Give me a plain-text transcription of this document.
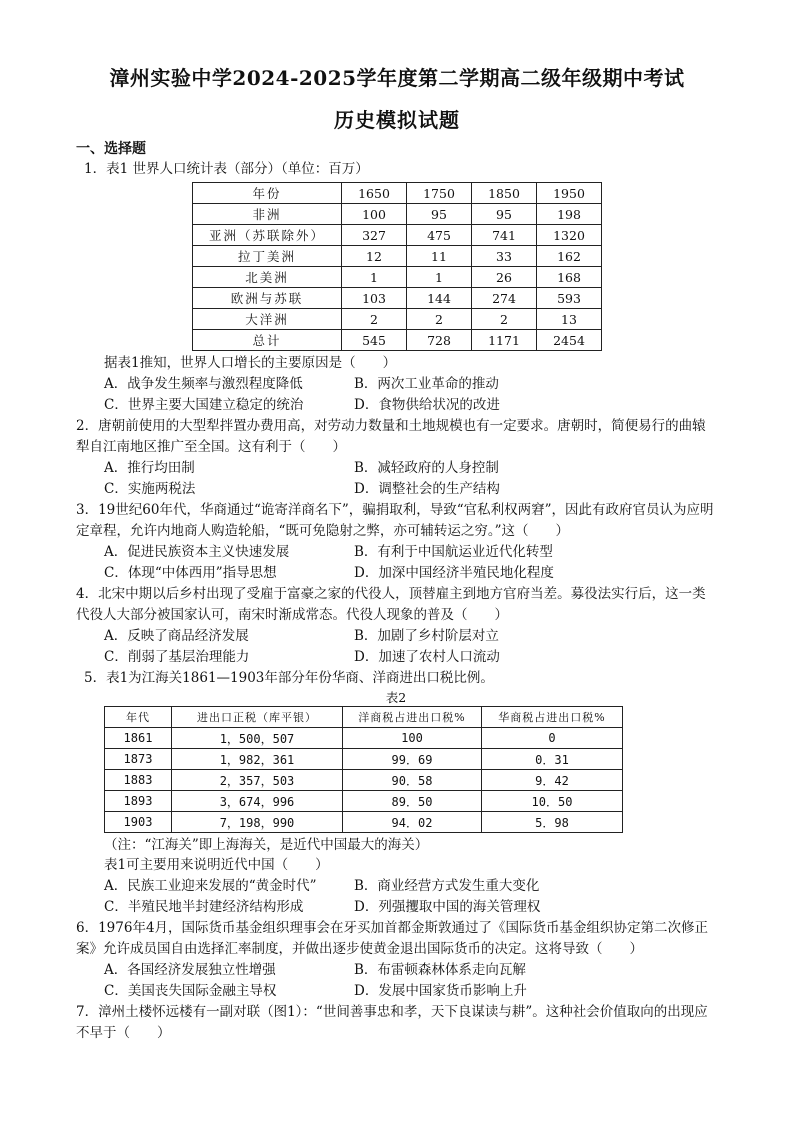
漳州实验中学2024-2025学年度第二学期高二级年级期中考试
历史模拟试题
一、选择题
1．表1 世界人口统计表（部分）（单位：百万）
年份	1650	1750	1850	1950
非洲	100	95	95	198
亚洲（苏联除外）	327	475	741	1320
拉丁美洲	12	11	33	162
北美洲	1	1	26	168
欧洲与苏联	103	144	274	593
大洋洲	2	2	2	13
总计	545	728	1171	2454
据表1推知，世界人口增长的主要原因是（　　）
A．战争发生频率与激烈程度降低	B．两次工业革命的推动
C．世界主要大国建立稳定的统治	D．食物供给状况的改进
2．唐朝前使用的大型犁拌置办费用高，对劳动力数量和土地规模也有一定要求。唐朝时，简便易行的曲辕犁自江南地区推广至全国。这有利于（　　）
A．推行均田制	B．减轻政府的人身控制
C．实施两税法	D．调整社会的生产结构
3．19世纪60年代，华商通过“诡寄洋商名下”，骗捐取利，导致“官私利权两窘”，因此有政府官员认为应明定章程，允许内地商人购造轮船，“既可免隐射之弊，亦可辅转运之穷。”这（　　）
A．促进民族资本主义快速发展	B．有利于中国航运业近代化转型
C．体现“中体西用”指导思想	D．加深中国经济半殖民地化程度
4．北宋中期以后乡村出现了受雇于富豪之家的代役人，顶替雇主到地方官府当差。募役法实行后，这一类代役人大部分被国家认可，南宋时渐成常态。代役人现象的普及（　　）
A．反映了商品经济发展	B．加剧了乡村阶层对立
C．削弱了基层治理能力	D．加速了农村人口流动
5．表1为江海关1861—1903年部分年份华商、洋商进出口税比例。
表2
年代	进出口正税（库平银）	洋商税占进出口税%	华商税占进出口税%
1861	1，500，507	100	0
1873	1，982，361	99．69	0．31
1883	2，357，503	90．58	9．42
1893	3，674，996	89．50	10．50
1903	7，198，990	94．02	5．98
（注：“江海关”即上海海关，是近代中国最大的海关）
表1可主要用来说明近代中国（　　）
A．民族工业迎来发展的“黄金时代”	B．商业经营方式发生重大变化
C．半殖民地半封建经济结构形成	D．列强攫取中国的海关管理权
6．1976年4月，国际货币基金组织理事会在牙买加首都金斯敦通过了《国际货币基金组织协定第二次修正案》允许成员国自由选择汇率制度，并做出逐步使黄金退出国际货币的决定。这将导致（　　）
A．各国经济发展独立性增强	B．布雷顿森林体系走向瓦解
C．美国丧失国际金融主导权	D．发展中国家货币影响上升
7．漳州土楼怀远楼有一副对联（图1）：“世间善事忠和孝，天下良谋读与耕”。这种社会价值取向的出现应不早于（　　）
